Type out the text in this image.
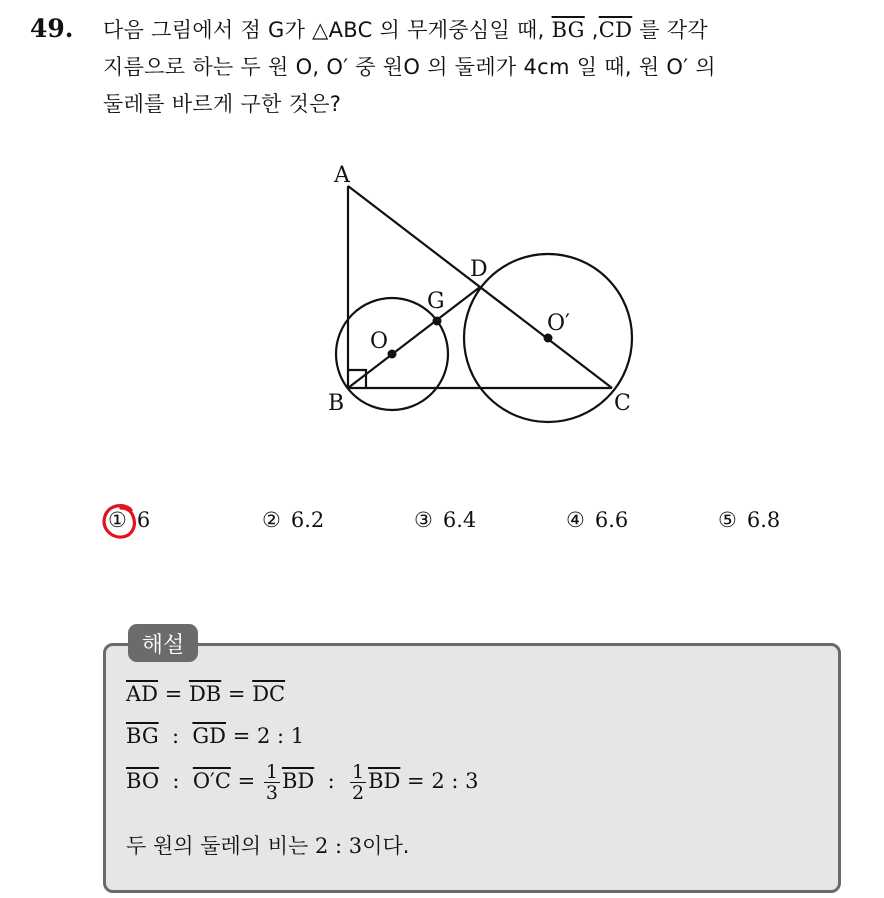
49. 다음 그림에서 점 G가 △ABC 의 무게중심일 때, $\overline{BG}$ $,\overline{CD}$ 를 각각
지름으로 하는 두 원 O, O′ 중 원O 의 둘레가 4cm 일 때, 원 O′ 의
둘레를 바르게 구한 것은?
A
B	C
D
G
O
O′
① 6	② 6.2	③ 6.4	④ 6.6	⑤ 6.8
해설
$\overline{AD} = \overline{DB} = \overline{DC}$
$\overline{BG}$  :  $\overline{GD} = 2$ : 1
$\overline{BO}$  :  $O'C = \frac{1}{3} \overline{BD}$  : $\frac{1}{2} \overline{BD} = 2$ : 3
두 원의 둘레의 비는 2 : 3이다.
